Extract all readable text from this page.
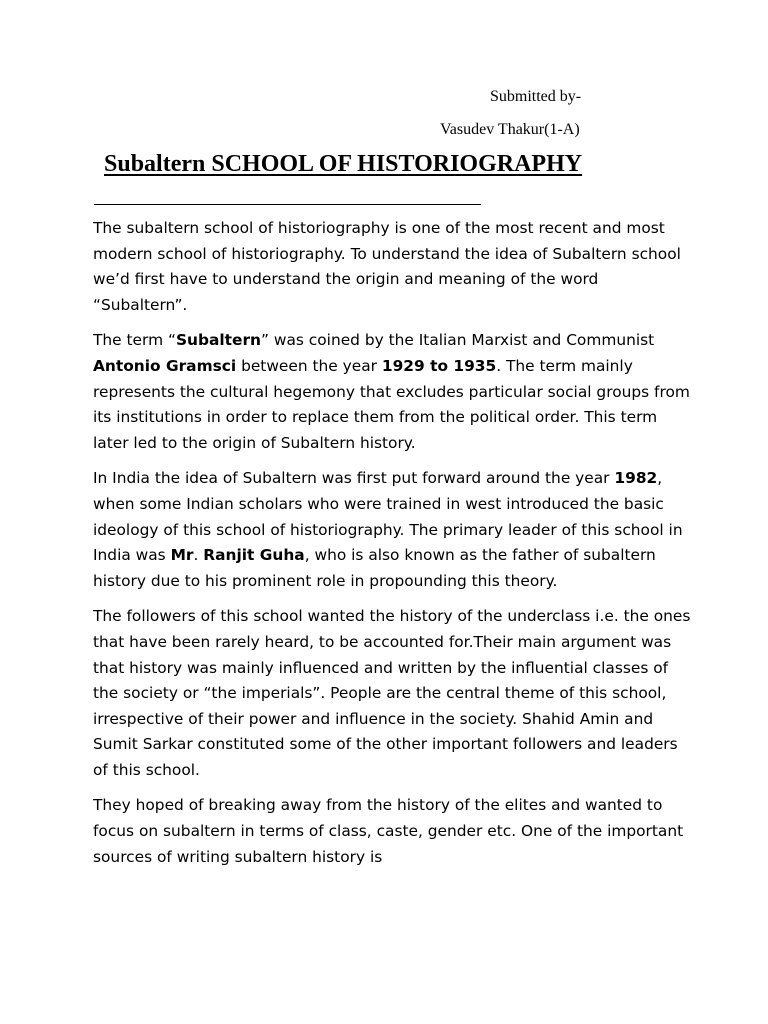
Submitted by-
Vasudev Thakur(1-A)
Subaltern SCHOOL OF HISTORIOGRAPHY

The subaltern school of historiography is one of the most recent and most modern school of historiography. To understand the idea of Subaltern school we’d first have to understand the origin and meaning of the word “Subaltern”.

The term “Subaltern” was coined by the Italian Marxist and Communist Antonio Gramsci between the year 1929 to 1935. The term mainly represents the cultural hegemony that excludes particular social groups from its institutions in order to replace them from the political order. This term later led to the origin of Subaltern history.

In India the idea of Subaltern was first put forward around the year 1982, when some Indian scholars who were trained in west introduced the basic ideology of this school of historiography. The primary leader of this school in India was Mr. Ranjit Guha, who is also known as the father of subaltern history due to his prominent role in propounding this theory.

The followers of this school wanted the history of the underclass i.e. the ones that have been rarely heard, to be accounted for.Their main argument was that history was mainly influenced and written by the influential classes of the society or “the imperials”. People are the central theme of this school, irrespective of their power and influence in the society. Shahid Amin and Sumit Sarkar constituted some of the other important followers and leaders of this school.

They hoped of breaking away from the history of the elites and wanted to focus on subaltern in terms of class, caste, gender etc. One of the important sources of writing subaltern history is
